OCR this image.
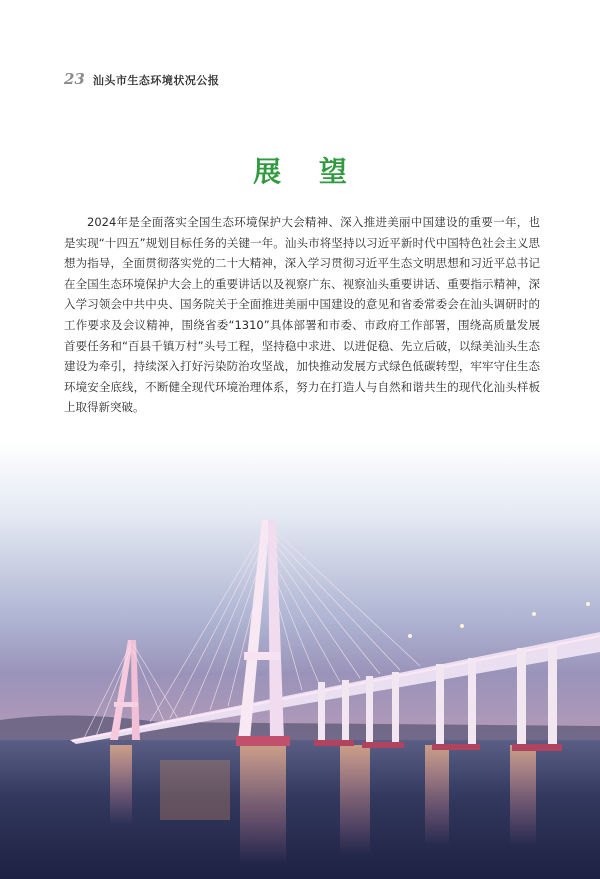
23 汕头市生态环境状况公报
展 望

2024年是全面落实全国生态环境保护大会精神、深入推进美丽中国建设的重要一年，也是实现“十四五”规划目标任务的关键一年。汕头市将坚持以习近平新时代中国特色社会主义思想为指导，全面贯彻落实党的二十大精神，深入学习贯彻习近平生态文明思想和习近平总书记在全国生态环境保护大会上的重要讲话以及视察广东、视察汕头重要讲话、重要指示精神，深入学习领会中共中央、国务院关于全面推进美丽中国建设的意见和省委常委会在汕头调研时的工作要求及会议精神，围绕省委“1310”具体部署和市委、市政府工作部署，围绕高质量发展首要任务和“百县千镇万村”头号工程，坚持稳中求进、以进促稳、先立后破，以绿美汕头生态建设为牵引，持续深入打好污染防治攻坚战，加快推动发展方式绿色低碳转型，牢牢守住生态环境安全底线，不断健全现代环境治理体系，努力在打造人与自然和谐共生的现代化汕头样板上取得新突破。
